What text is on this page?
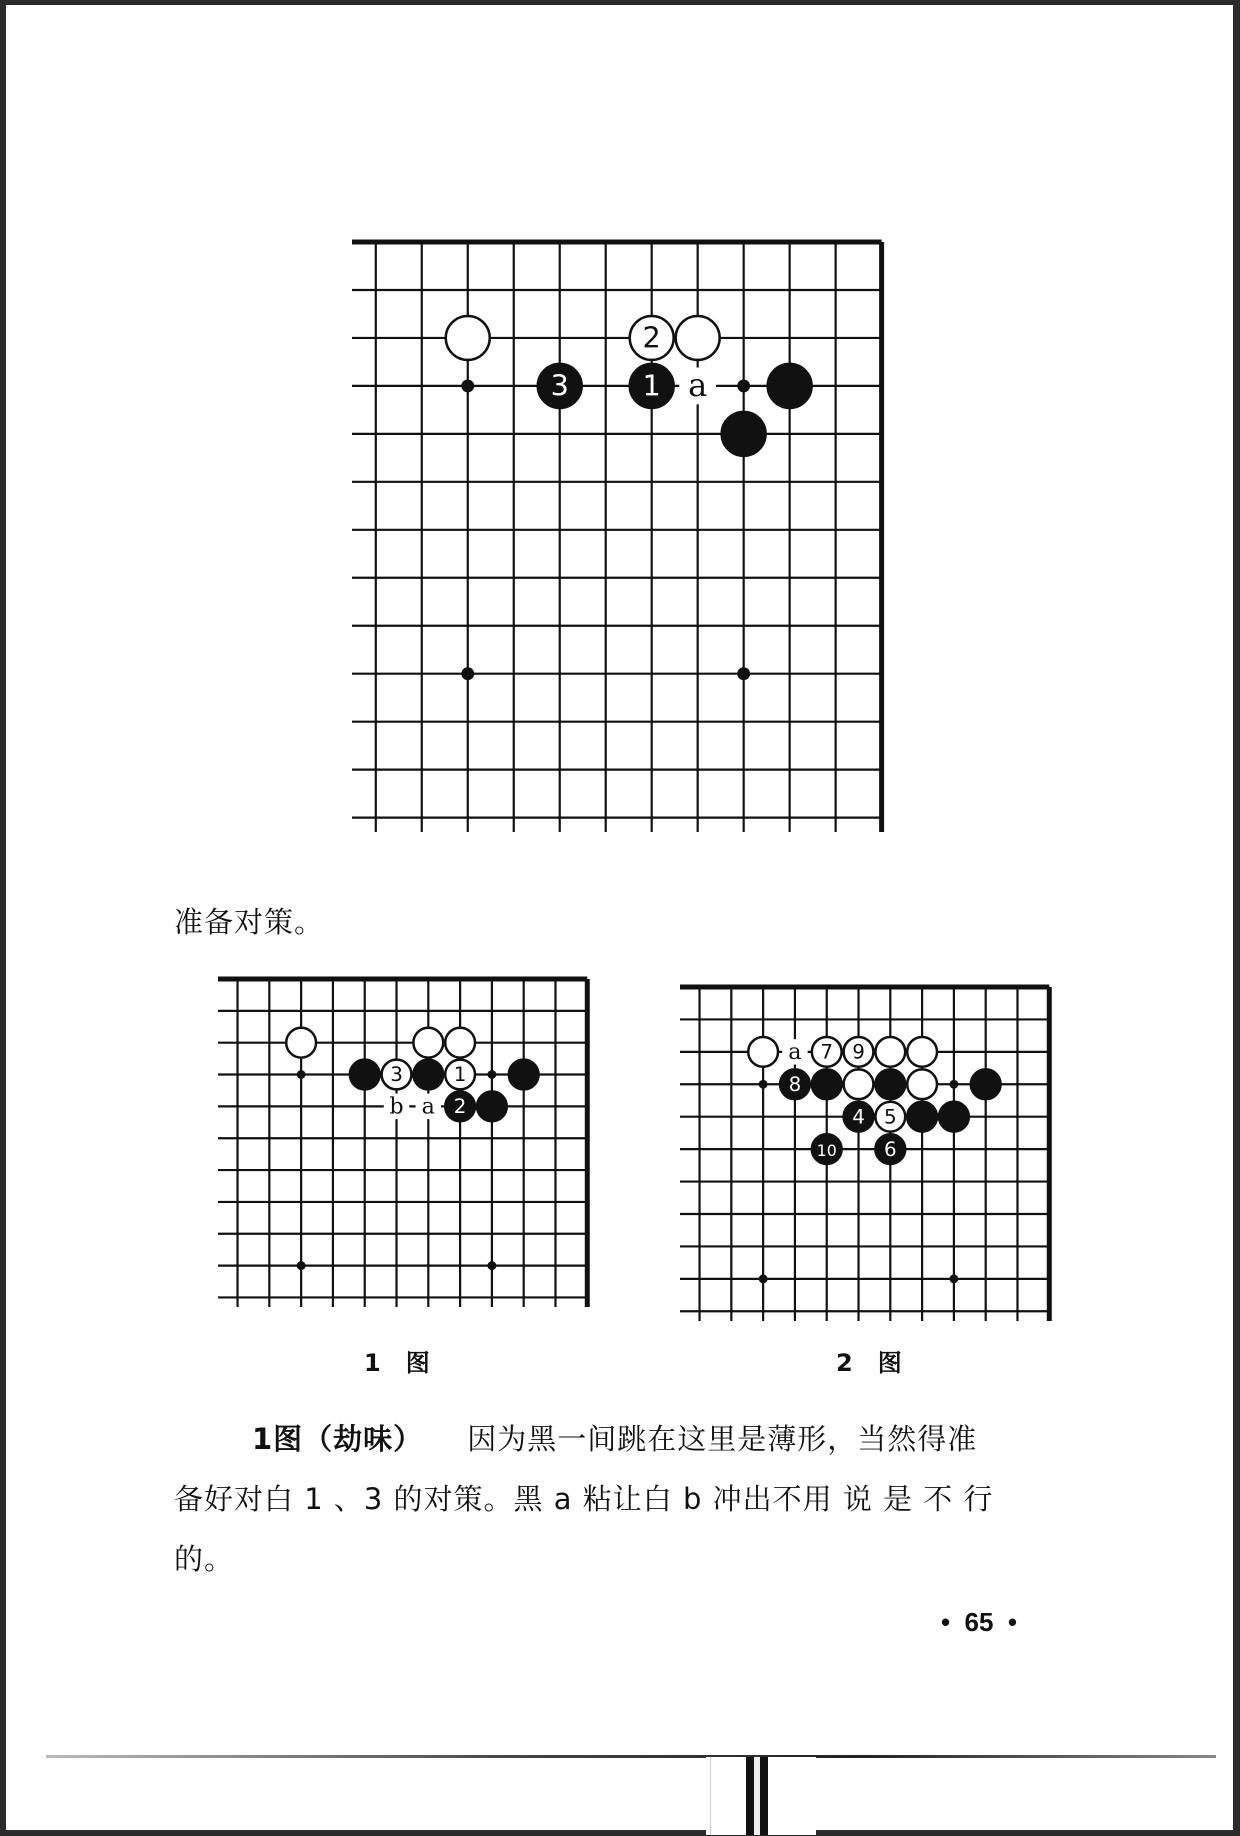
2
3	1 a
准备对策。
3	1
2
b a
7 9
8
4 5
10 6
a
1   图	2   图
1图（劫味） 因为黑一间跳在这里是薄形，当然得准
备好对白 1 、3 的对策。黑 a 粘让白 b 冲出不用 说 是 不 行
的。
•  65  •
